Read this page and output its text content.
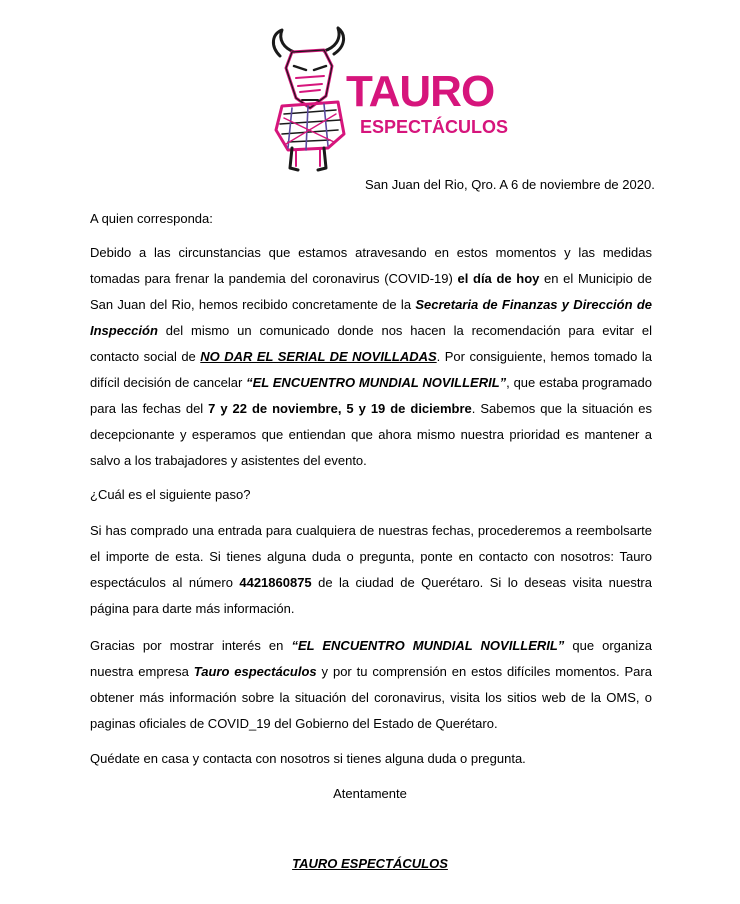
TAURO
ESPECTÁCULOS
San Juan del Rio, Qro. A 6 de noviembre de 2020.
A quien corresponda:
Debido a las circunstancias que estamos atravesando en estos momentos y las medidas tomadas para frenar la pandemia del coronavirus (COVID-19) el día de hoy en el Municipio de San Juan del Rio, hemos recibido concretamente de la Secretaria de Finanzas y Dirección de Inspección del mismo un comunicado donde nos hacen la recomendación para evitar el contacto social de NO DAR EL SERIAL DE NOVILLADAS. Por consiguiente, hemos tomado la difícil decisión de cancelar “EL ENCUENTRO MUNDIAL NOVILLERIL”, que estaba programado para las fechas del 7 y 22 de noviembre, 5 y 19 de diciembre. Sabemos que la situación es decepcionante y esperamos que entiendan que ahora mismo nuestra prioridad es mantener a salvo a los trabajadores y asistentes del evento.
¿Cuál es el siguiente paso?
Si has comprado una entrada para cualquiera de nuestras fechas, procederemos a reembolsarte el importe de esta. Si tienes alguna duda o pregunta, ponte en contacto con nosotros: Tauro espectáculos al número 4421860875 de la ciudad de Querétaro. Si lo deseas visita nuestra página para darte más información.
Gracias por mostrar interés en “EL ENCUENTRO MUNDIAL NOVILLERIL” que organiza nuestra empresa Tauro espectáculos y por tu comprensión en estos difíciles momentos. Para obtener más información sobre la situación del coronavirus, visita los sitios web de la OMS, o paginas oficiales de COVID_19 del Gobierno del Estado de Querétaro.
Quédate en casa y contacta con nosotros si tienes alguna duda o pregunta.
Atentamente
TAURO ESPECTÁCULOS
